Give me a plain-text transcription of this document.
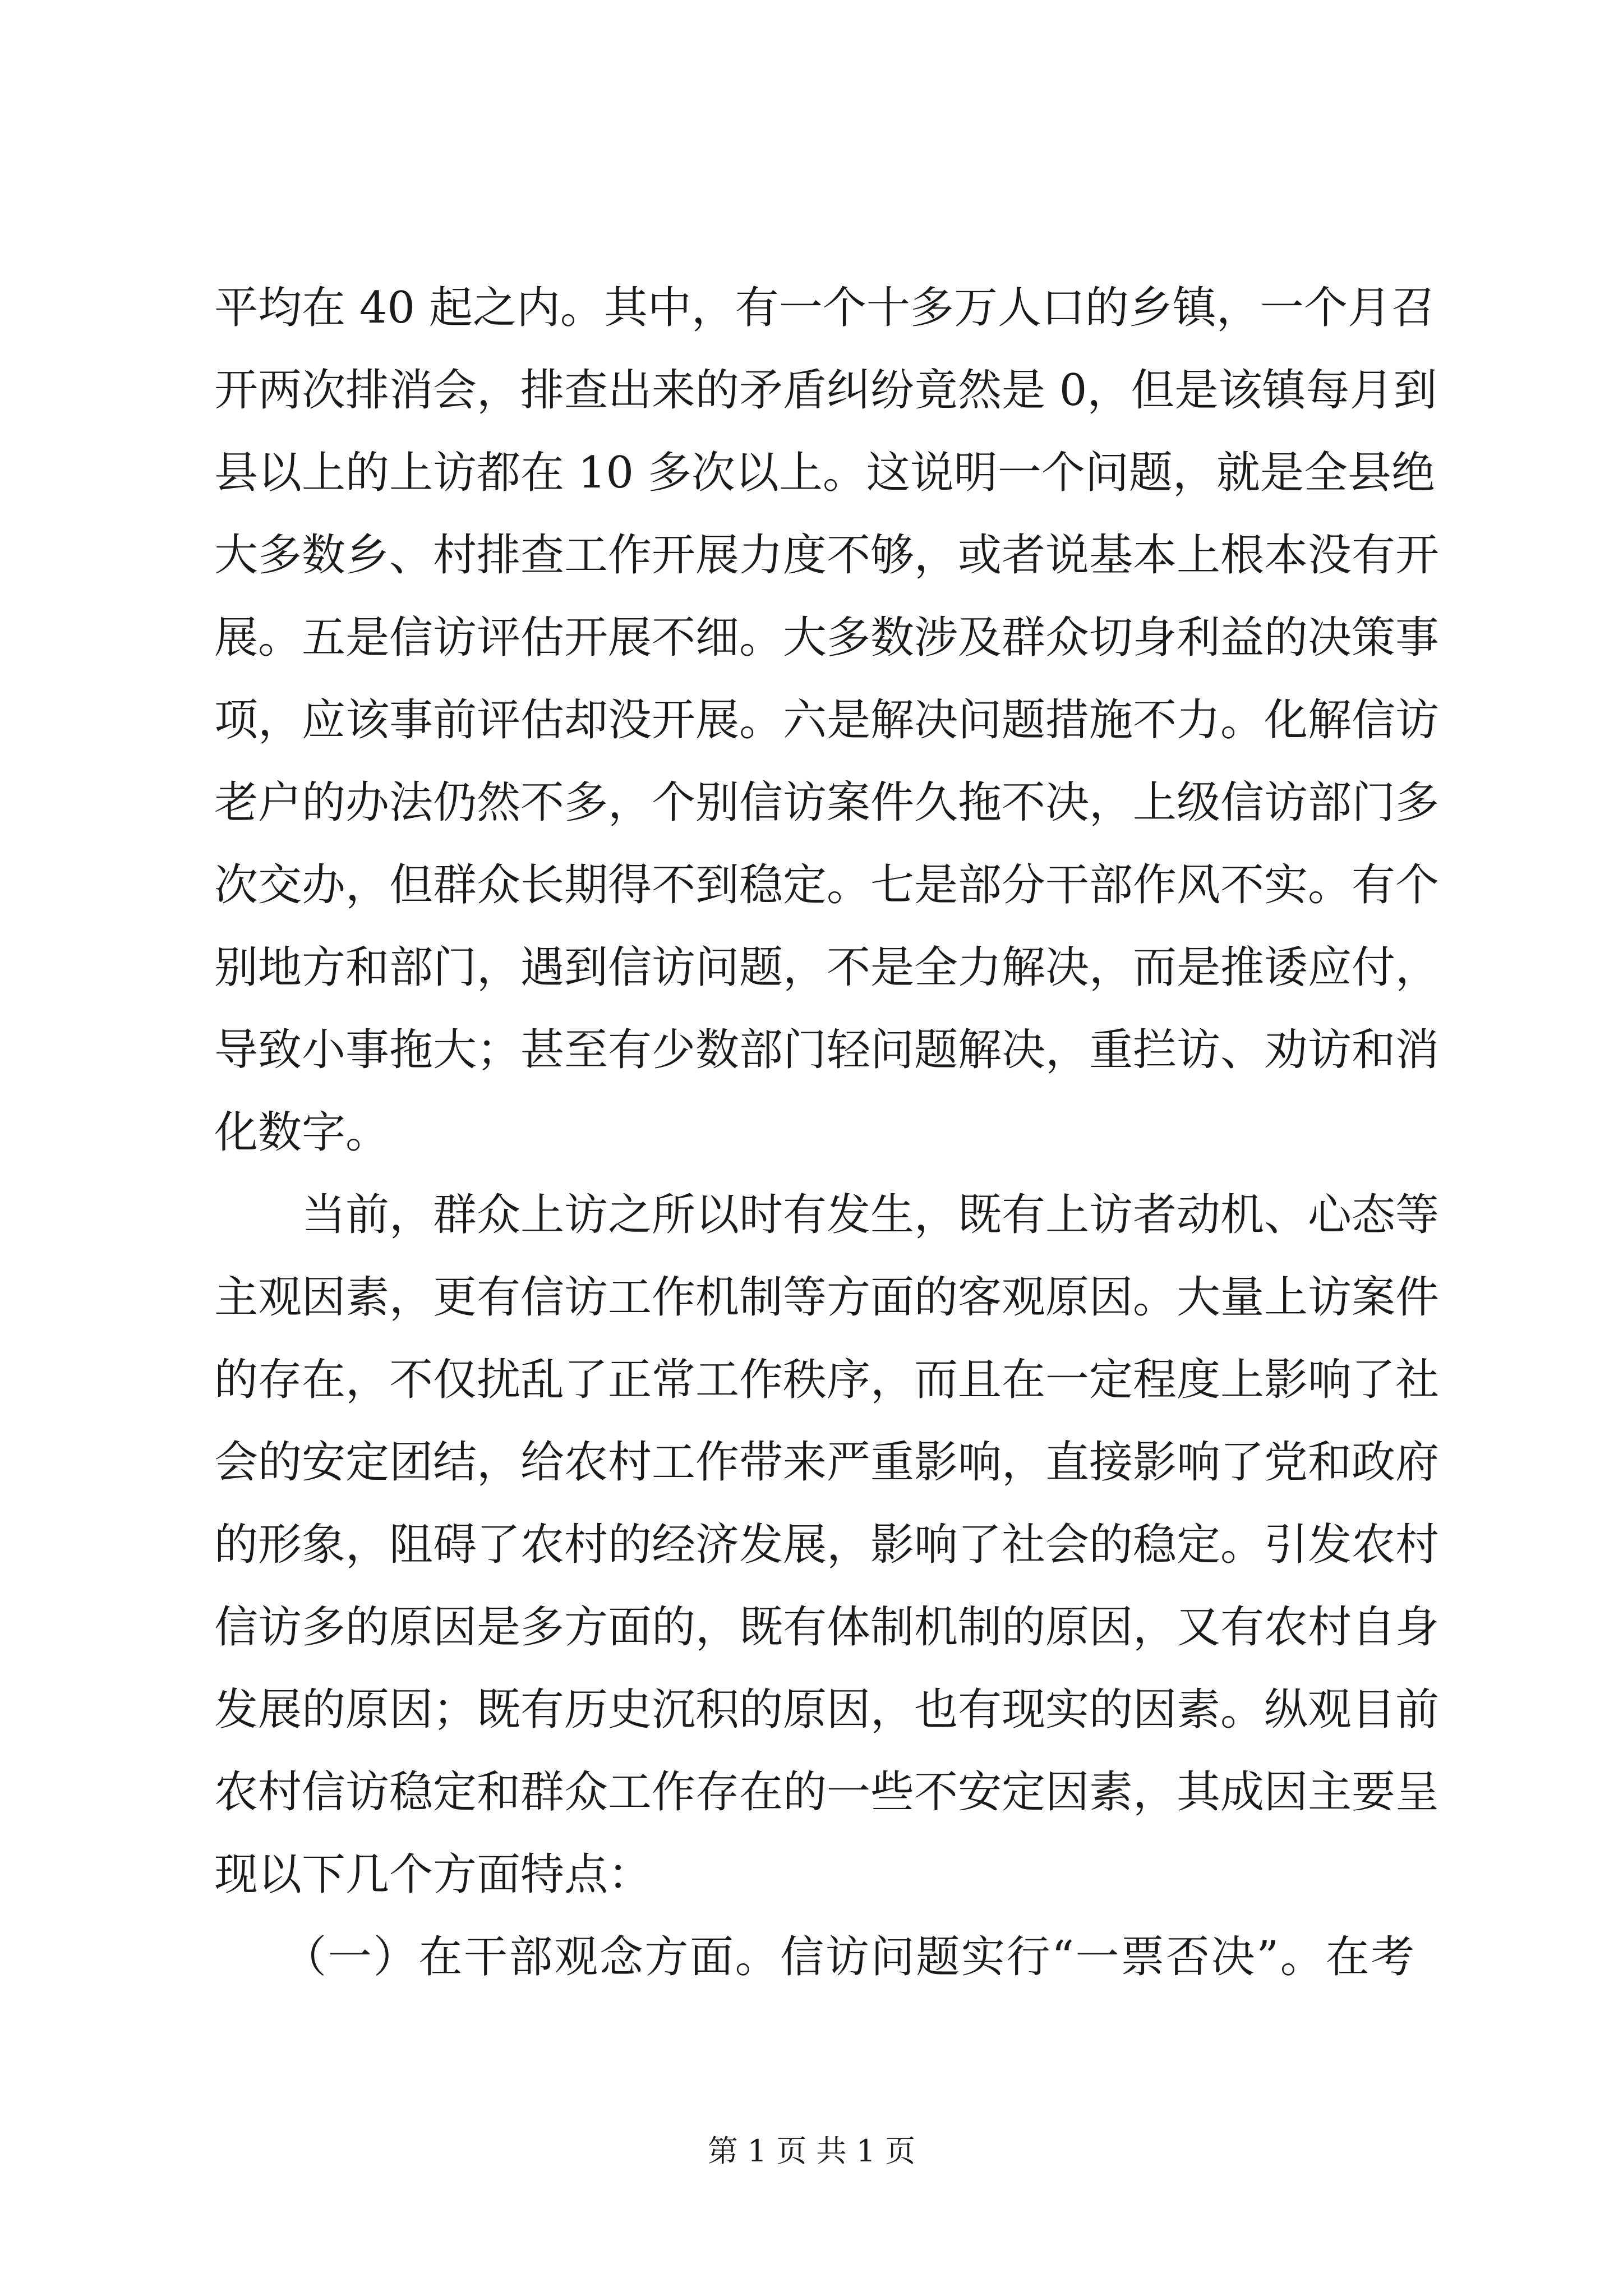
平均在 40 起之内。其中，有一个十多万人口的乡镇，一个月召
开两次排消会，排查出来的矛盾纠纷竟然是 0，但是该镇每月到
县以上的上访都在 10 多次以上。这说明一个问题，就是全县绝
大多数乡、村排查工作开展力度不够，或者说基本上根本没有开
展。五是信访评估开展不细。大多数涉及群众切身利益的决策事
项，应该事前评估却没开展。六是解决问题措施不力。化解信访
老户的办法仍然不多，个别信访案件久拖不决，上级信访部门多
次交办，但群众长期得不到稳定。七是部分干部作风不实。有个
别地方和部门，遇到信访问题，不是全力解决，而是推诿应付，
导致小事拖大；甚至有少数部门轻问题解决，重拦访、劝访和消
化数字。
　　当前，群众上访之所以时有发生，既有上访者动机、心态等
主观因素，更有信访工作机制等方面的客观原因。大量上访案件
的存在，不仅扰乱了正常工作秩序，而且在一定程度上影响了社
会的安定团结，给农村工作带来严重影响，直接影响了党和政府
的形象，阻碍了农村的经济发展，影响了社会的稳定。引发农村
信访多的原因是多方面的，既有体制机制的原因，又有农村自身
发展的原因；既有历史沉积的原因，也有现实的因素。纵观目前
农村信访稳定和群众工作存在的一些不安定因素，其成因主要呈
现以下几个方面特点：
　　（一）在干部观念方面。信访问题实行“一票否决”。在考
第 1 页 共 1 页
